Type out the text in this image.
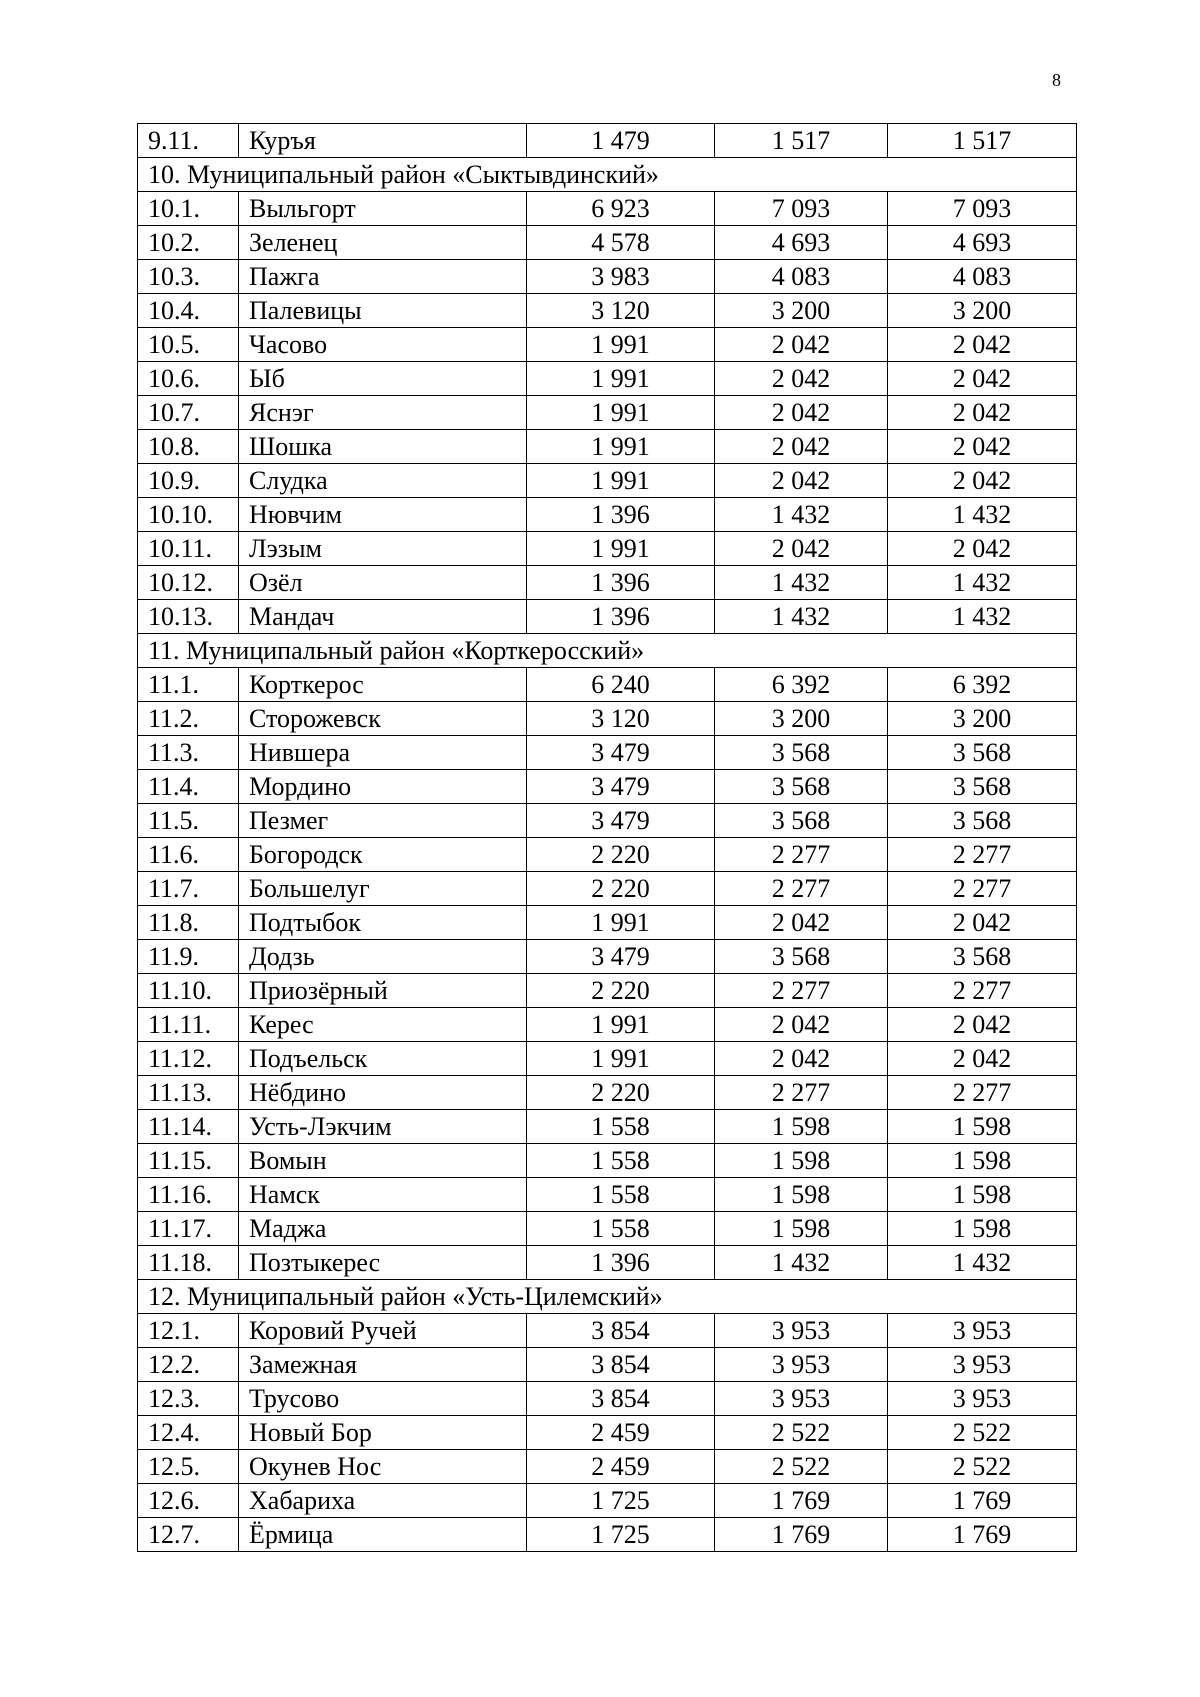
8
9.11.	Куръя	1 479	1 517	1 517
10. Муниципальный район «Сыктывдинский»				
10.1.	Выльгорт	6 923	7 093	7 093
10.2.	Зеленец	4 578	4 693	4 693
10.3.	Пажга	3 983	4 083	4 083
10.4.	Палевицы	3 120	3 200	3 200
10.5.	Часово	1 991	2 042	2 042
10.6.	Ыб	1 991	2 042	2 042
10.7.	Яснэг	1 991	2 042	2 042
10.8.	Шошка	1 991	2 042	2 042
10.9.	Слудка	1 991	2 042	2 042
10.10.	Нювчим	1 396	1 432	1 432
10.11.	Лэзым	1 991	2 042	2 042
10.12.	Озёл	1 396	1 432	1 432
10.13.	Мандач	1 396	1 432	1 432
11. Муниципальный район «Корткеросский»				
11.1.	Корткерос	6 240	6 392	6 392
11.2.	Сторожевск	3 120	3 200	3 200
11.3.	Нившера	3 479	3 568	3 568
11.4.	Мордино	3 479	3 568	3 568
11.5.	Пезмег	3 479	3 568	3 568
11.6.	Богородск	2 220	2 277	2 277
11.7.	Большелуг	2 220	2 277	2 277
11.8.	Подтыбок	1 991	2 042	2 042
11.9.	Додзь	3 479	3 568	3 568
11.10.	Приозёрный	2 220	2 277	2 277
11.11.	Керес	1 991	2 042	2 042
11.12.	Подъельск	1 991	2 042	2 042
11.13.	Нёбдино	2 220	2 277	2 277
11.14.	Усть-Лэкчим	1 558	1 598	1 598
11.15.	Вомын	1 558	1 598	1 598
11.16.	Намск	1 558	1 598	1 598
11.17.	Маджа	1 558	1 598	1 598
11.18.	Позтыкерес	1 396	1 432	1 432
12. Муниципальный район «Усть-Цилемский»				
12.1.	Коровий Ручей	3 854	3 953	3 953
12.2.	Замежная	3 854	3 953	3 953
12.3.	Трусово	3 854	3 953	3 953
12.4.	Новый Бор	2 459	2 522	2 522
12.5.	Окунев Нос	2 459	2 522	2 522
12.6.	Хабариха	1 725	1 769	1 769
12.7.	Ёрмица	1 725	1 769	1 769
